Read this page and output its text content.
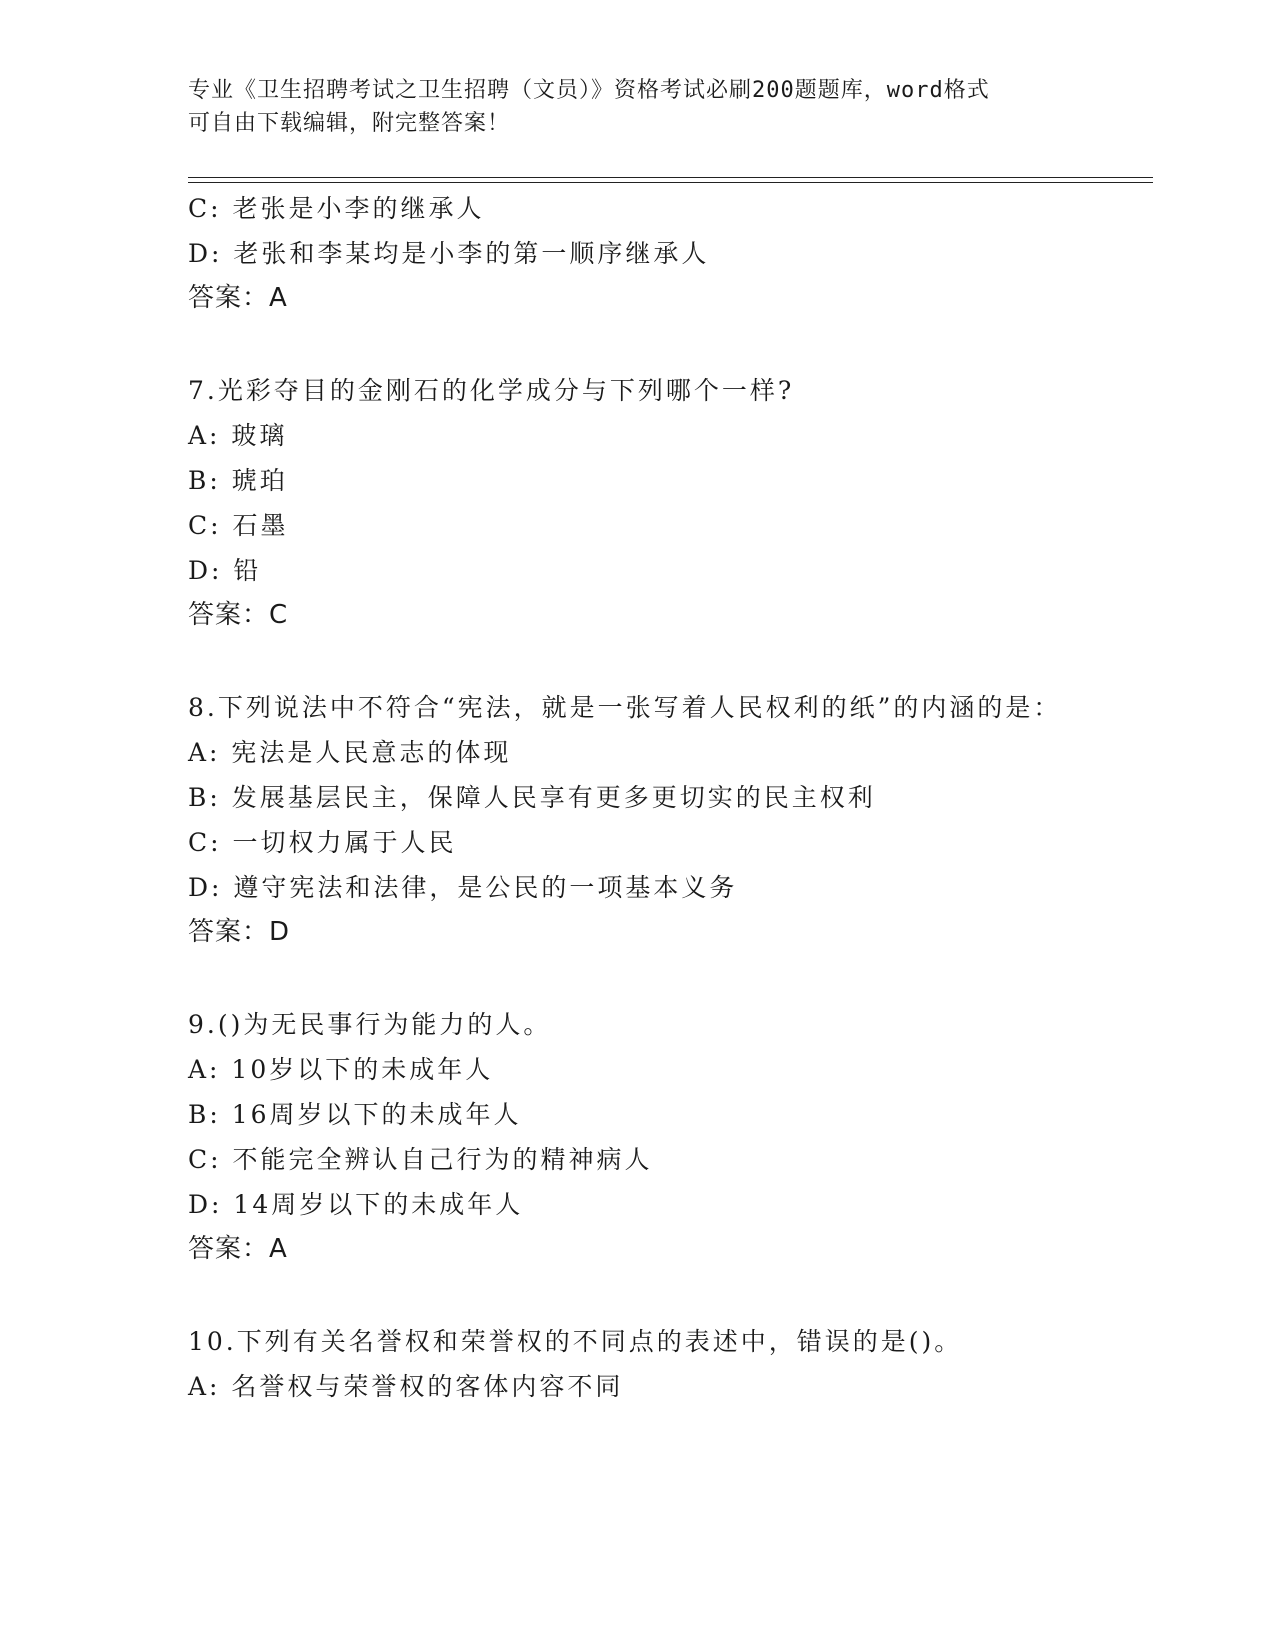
专业《卫生招聘考试之卫生招聘（文员）》资格考试必刷200题题库，word格式
可自由下载编辑，附完整答案！
C: 老张是小李的继承人
D: 老张和李某均是小李的第一顺序继承人
答案：A
7.光彩夺目的金刚石的化学成分与下列哪个一样?
A: 玻璃
B: 琥珀
C: 石墨
D: 铅
答案：C
8.下列说法中不符合“宪法，就是一张写着人民权利的纸”的内涵的是：
A: 宪法是人民意志的体现
B: 发展基层民主，保障人民享有更多更切实的民主权利
C: 一切权力属于人民
D: 遵守宪法和法律，是公民的一项基本义务
答案：D
9.()为无民事行为能力的人。
A: 10岁以下的未成年人
B: 16周岁以下的未成年人
C: 不能完全辨认自己行为的精神病人
D: 14周岁以下的未成年人
答案：A
10.下列有关名誉权和荣誉权的不同点的表述中，错误的是()。
A: 名誉权与荣誉权的客体内容不同
